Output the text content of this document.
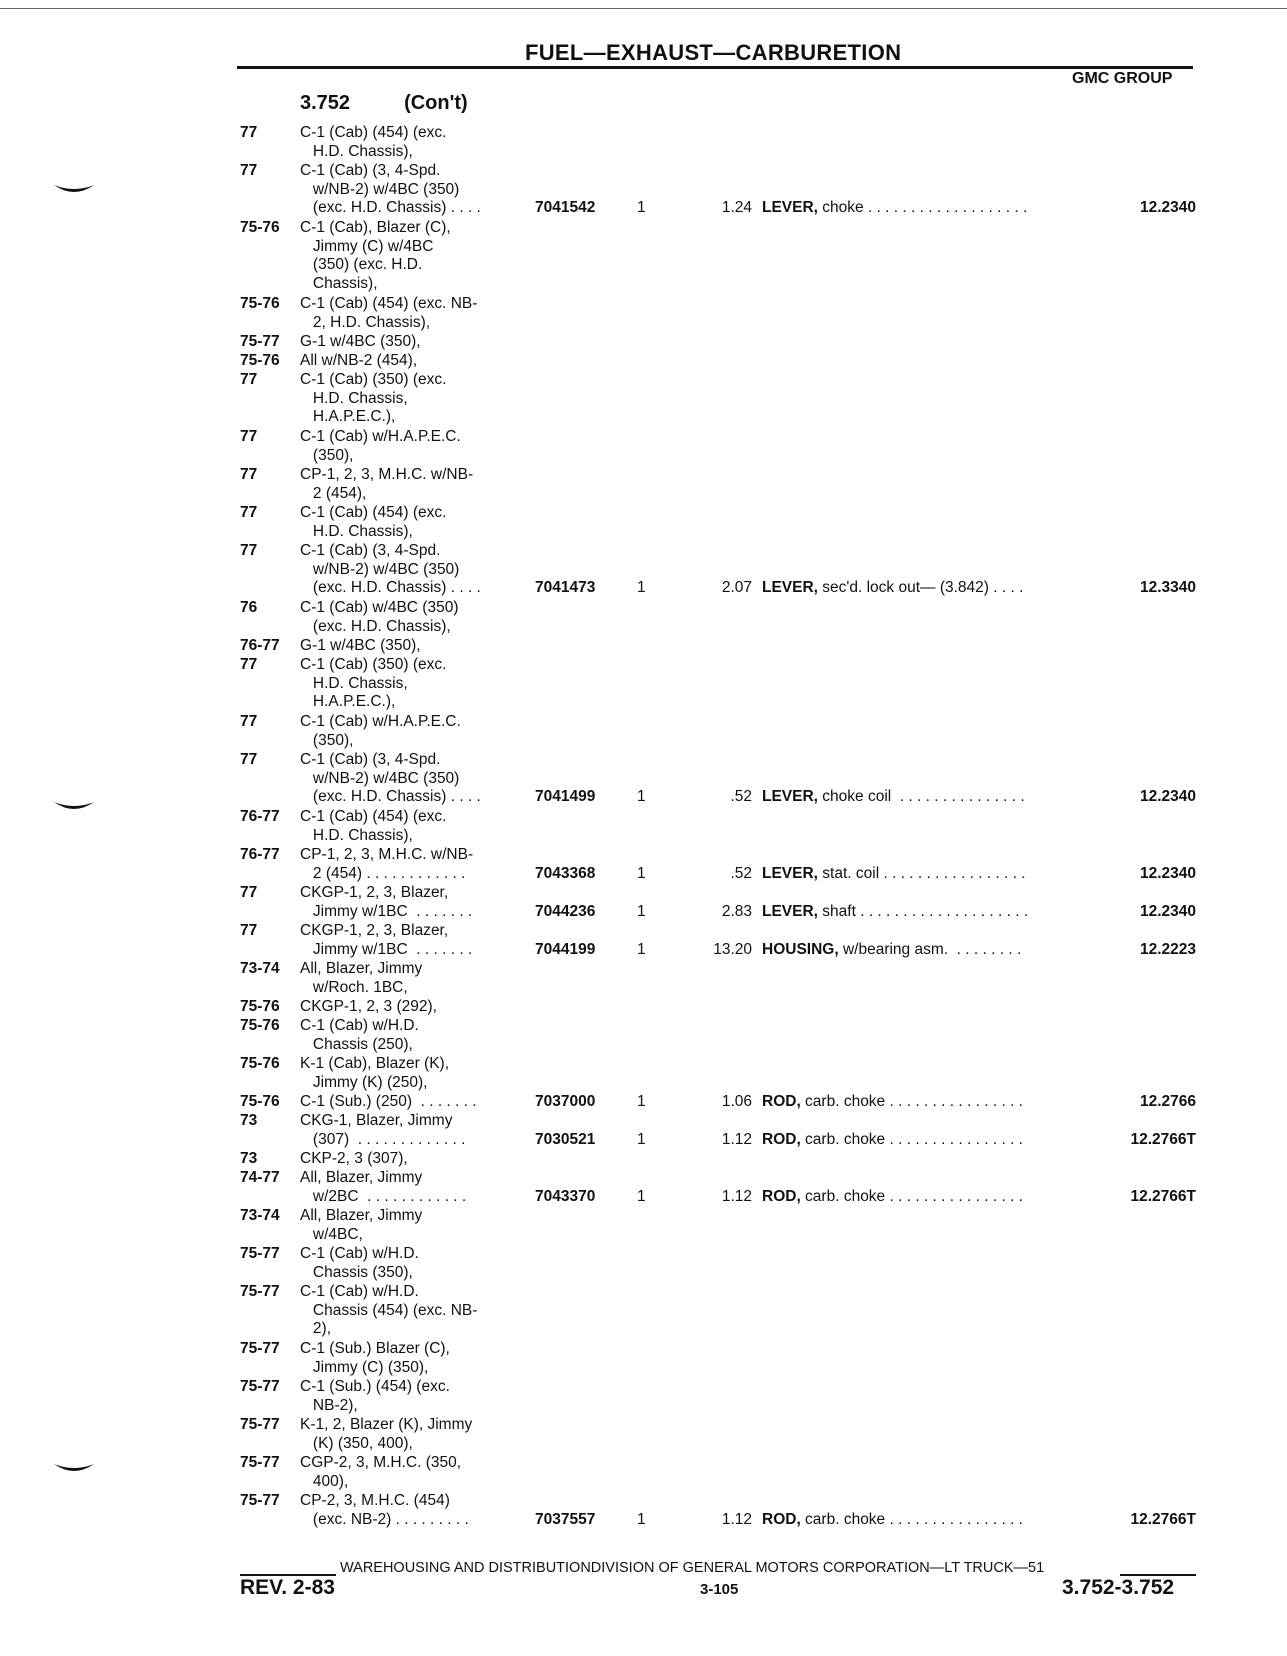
FUEL—EXHAUST—CARBURETION
GMC GROUP
3.752	(Con't)
77	C-1 (Cab) (454) (exc.
H.D. Chassis),
77	C-1 (Cab) (3, 4-Spd.
w/NB-2) w/4BC (350)
(exc. H.D. Chassis) . . . .	7041542	1	1.24 LEVER, choke . . . . . . . . . . . . . . . . . . .	12.2340
75-76	C-1 (Cab), Blazer (C),
Jimmy (C) w/4BC
(350) (exc. H.D.
Chassis),
75-76	C-1 (Cab) (454) (exc. NB-
2, H.D. Chassis),
75-77	G-1 w/4BC (350),
75-76	All w/NB-2 (454),
77	C-1 (Cab) (350) (exc.
H.D. Chassis,
H.A.P.E.C.),
77	C-1 (Cab) w/H.A.P.E.C.
(350),
77	CP-1, 2, 3, M.H.C. w/NB-
2 (454),
77	C-1 (Cab) (454) (exc.
H.D. Chassis),
77	C-1 (Cab) (3, 4-Spd.
w/NB-2) w/4BC (350)
(exc. H.D. Chassis) . . . .	7041473	1	2.07 LEVER, sec'd. lock out— (3.842) . . . .	12.3340
76	C-1 (Cab) w/4BC (350)
(exc. H.D. Chassis),
76-77	G-1 w/4BC (350),
77	C-1 (Cab) (350) (exc.
H.D. Chassis,
H.A.P.E.C.),
77	C-1 (Cab) w/H.A.P.E.C.
(350),
77	C-1 (Cab) (3, 4-Spd.
w/NB-2) w/4BC (350)
(exc. H.D. Chassis) . . . .	7041499	1	.52 LEVER, choke coil  . . . . . . . . . . . . . . .	12.2340
76-77	C-1 (Cab) (454) (exc.
H.D. Chassis),
76-77	CP-1, 2, 3, M.H.C. w/NB-
2 (454) . . . . . . . . . . . .	7043368	1	.52 LEVER, stat. coil . . . . . . . . . . . . . . . . .	12.2340
77	CKGP-1, 2, 3, Blazer,
Jimmy w/1BC  . . . . . . .	7044236	1	2.83 LEVER, shaft . . . . . . . . . . . . . . . . . . . .	12.2340
77	CKGP-1, 2, 3, Blazer,
Jimmy w/1BC  . . . . . . .	7044199	1	13.20 HOUSING, w/bearing asm.  . . . . . . . .	12.2223
73-74	All, Blazer, Jimmy
w/Roch. 1BC,
75-76	CKGP-1, 2, 3 (292),
75-76	C-1 (Cab) w/H.D.
Chassis (250),
75-76	K-1 (Cab), Blazer (K),
Jimmy (K) (250),
75-76	C-1 (Sub.) (250)  . . . . . . .	7037000	1	1.06 ROD, carb. choke . . . . . . . . . . . . . . . .	12.2766
73	CKG-1, Blazer, Jimmy
(307)  . . . . . . . . . . . . .	7030521	1	1.12 ROD, carb. choke . . . . . . . . . . . . . . . .	12.2766T
73	CKP-2, 3 (307),
74-77	All, Blazer, Jimmy
w/2BC  . . . . . . . . . . . .	7043370	1	1.12 ROD, carb. choke . . . . . . . . . . . . . . . .	12.2766T
73-74	All, Blazer, Jimmy
w/4BC,
75-77	C-1 (Cab) w/H.D.
Chassis (350),
75-77	C-1 (Cab) w/H.D.
Chassis (454) (exc. NB-
2),
75-77	C-1 (Sub.) Blazer (C),
Jimmy (C) (350),
75-77	C-1 (Sub.) (454) (exc.
NB-2),
75-77	K-1, 2, Blazer (K), Jimmy
(K) (350, 400),
75-77	CGP-2, 3, M.H.C. (350,
400),
75-77	CP-2, 3, M.H.C. (454)
(exc. NB-2) . . . . . . . . .	7037557	1	1.12 ROD, carb. choke . . . . . . . . . . . . . . . .	12.2766T
WAREHOUSING AND DISTRIBUTIONDIVISION OF GENERAL MOTORS CORPORATION—LT TRUCK—51
REV. 2-83	3-105	3.752-3.752
